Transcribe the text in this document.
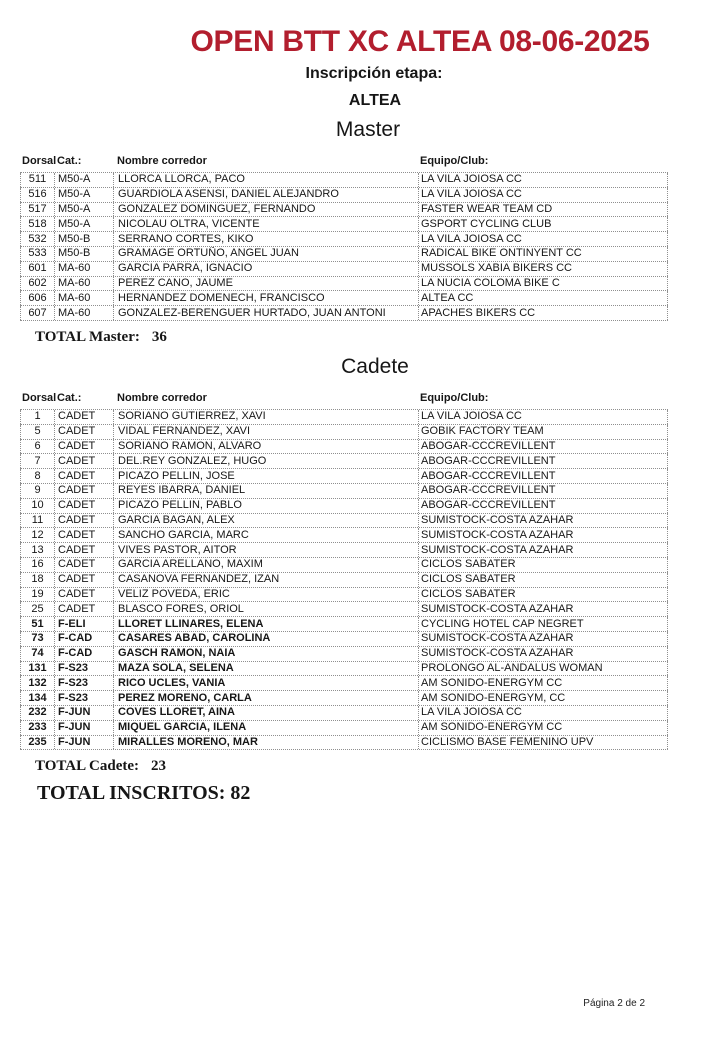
OPEN BTT XC ALTEA 08-06-2025
Inscripción etapa:
ALTEA
Master
Dorsal Cat.:	Nombre corredor	Equipo/Club:
511	M50-A	LLORCA LLORCA, PACO	LA VILA JOIOSA CC
516	M50-A	GUARDIOLA ASENSI, DANIEL ALEJANDRO	LA VILA JOIOSA CC
517	M50-A	GONZALEZ DOMINGUEZ, FERNANDO	FASTER WEAR TEAM CD
518	M50-A	NICOLAU OLTRA, VICENTE	GSPORT CYCLING CLUB
532	M50-B	SERRANO CORTES, KIKO	LA VILA JOIOSA CC
533	M50-B	GRAMAGE ORTUÑO, ANGEL JUAN	RADICAL BIKE ONTINYENT CC
601	MA-60	GARCIA PARRA, IGNACIO	MUSSOLS XABIA BIKERS CC
602	MA-60	PEREZ CANO, JAUME	LA NUCIA COLOMA BIKE C
606	MA-60	HERNANDEZ DOMENECH, FRANCISCO	ALTEA CC
607	MA-60	GONZALEZ-BERENGUER HURTADO, JUAN ANTONI	APACHES BIKERS CC
TOTAL Master: 36
Cadete
Dorsal Cat.:	Nombre corredor	Equipo/Club:
1	CADET	SORIANO GUTIERREZ, XAVI	LA VILA JOIOSA CC
5	CADET	VIDAL FERNANDEZ, XAVI	GOBIK FACTORY TEAM
6	CADET	SORIANO RAMON, ALVARO	ABOGAR-CCCREVILLENT
7	CADET	DEL.REY GONZALEZ, HUGO	ABOGAR-CCCREVILLENT
8	CADET	PICAZO PELLIN, JOSE	ABOGAR-CCCREVILLENT
9	CADET	REYES IBARRA, DANIEL	ABOGAR-CCCREVILLENT
10	CADET	PICAZO PELLIN, PABLO	ABOGAR-CCCREVILLENT
11	CADET	GARCIA BAGAN, ALEX	SUMISTOCK-COSTA AZAHAR
12	CADET	SANCHO GARCIA, MARC	SUMISTOCK-COSTA AZAHAR
13	CADET	VIVES PASTOR, AITOR	SUMISTOCK-COSTA AZAHAR
16	CADET	GARCIA ARELLANO, MAXIM	CICLOS SABATER
18	CADET	CASANOVA FERNANDEZ, IZAN	CICLOS SABATER
19	CADET	VELIZ POVEDA, ERIC	CICLOS SABATER
25	CADET	BLASCO FORES, ORIOL	SUMISTOCK-COSTA AZAHAR
51	F-ELI	LLORET LLINARES, ELENA	CYCLING HOTEL CAP NEGRET
73	F-CAD	CASARES ABAD, CAROLINA	SUMISTOCK-COSTA AZAHAR
74	F-CAD	GASCH RAMON, NAIA	SUMISTOCK-COSTA AZAHAR
131	F-S23	MAZA SOLA, SELENA	PROLONGO AL-ANDALUS WOMAN
132	F-S23	RICO UCLES, VANIA	AM SONIDO-ENERGYM CC
134	F-S23	PEREZ MORENO, CARLA	AM SONIDO-ENERGYM, CC
232	F-JUN	COVES LLORET, AINA	LA VILA JOIOSA CC
233	F-JUN	MIQUEL GARCIA, ILENA	AM SONIDO-ENERGYM CC
235	F-JUN	MIRALLES MORENO, MAR	CICLISMO BASE FEMENINO UPV
TOTAL Cadete: 23
TOTAL INSCRITOS: 82
Página 2 de 2
